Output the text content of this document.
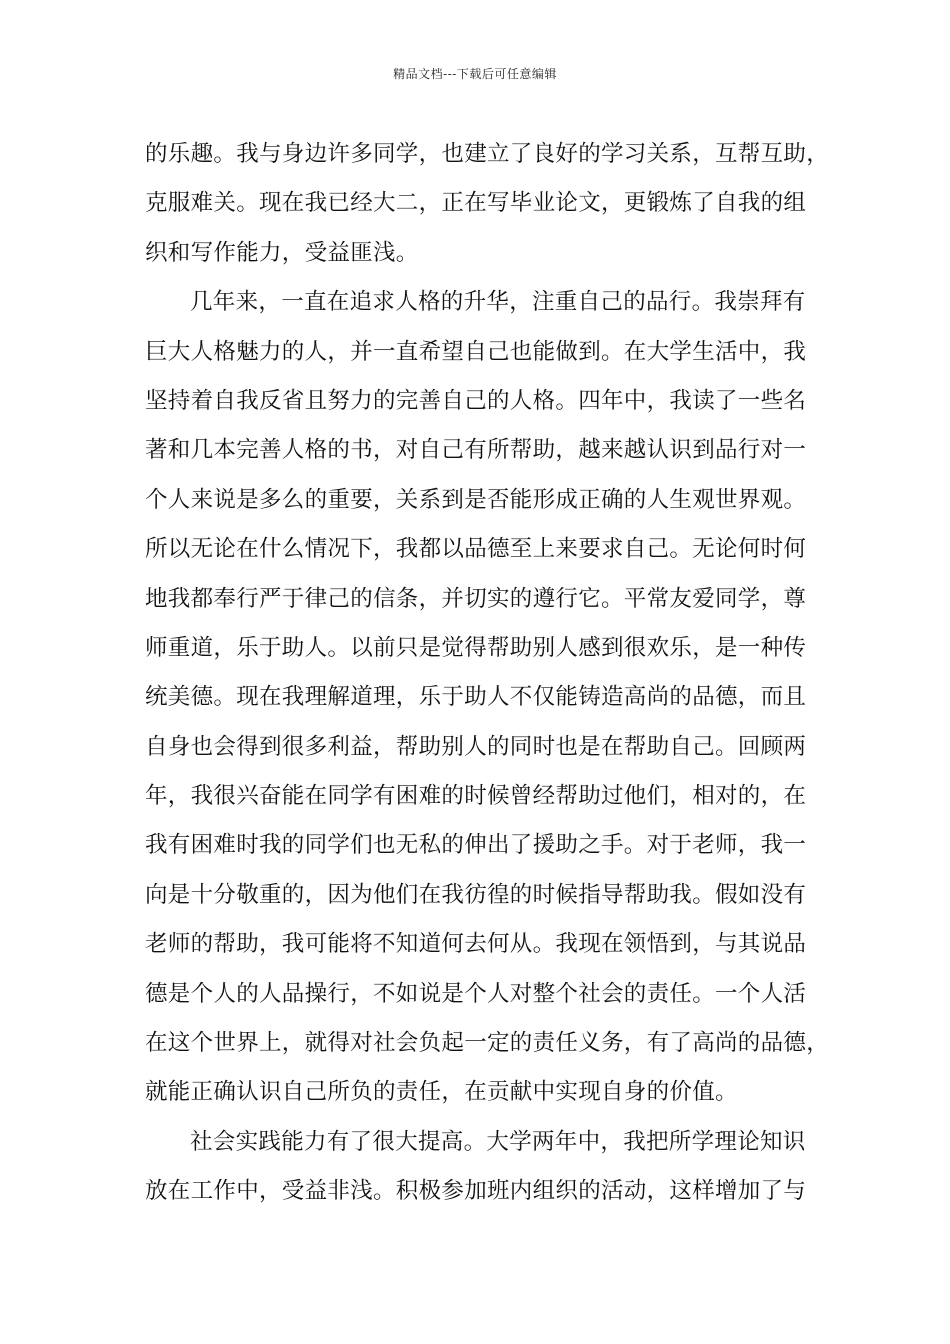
精品文档---下载后可任意编辑
的乐趣。我与身边许多同学，也建立了良好的学习关系，互帮互助，
克服难关。现在我已经大二，正在写毕业论文，更锻炼了自我的组
织和写作能力，受益匪浅。
几年来，一直在追求人格的升华，注重自己的品行。我崇拜有
巨大人格魅力的人，并一直希望自己也能做到。在大学生活中，我
坚持着自我反省且努力的完善自己的人格。四年中，我读了一些名
著和几本完善人格的书，对自己有所帮助，越来越认识到品行对一
个人来说是多么的重要，关系到是否能形成正确的人生观世界观。
所以无论在什么情况下，我都以品德至上来要求自己。无论何时何
地我都奉行严于律己的信条，并切实的遵行它。平常友爱同学，尊
师重道，乐于助人。以前只是觉得帮助别人感到很欢乐，是一种传
统美德。现在我理解道理，乐于助人不仅能铸造高尚的品德，而且
自身也会得到很多利益，帮助别人的同时也是在帮助自己。回顾两
年，我很兴奋能在同学有困难的时候曾经帮助过他们，相对的，在
我有困难时我的同学们也无私的伸出了援助之手。对于老师，我一
向是十分敬重的，因为他们在我彷徨的时候指导帮助我。假如没有
老师的帮助，我可能将不知道何去何从。我现在领悟到，与其说品
德是个人的人品操行，不如说是个人对整个社会的责任。一个人活
在这个世界上，就得对社会负起一定的责任义务，有了高尚的品德，
就能正确认识自己所负的责任，在贡献中实现自身的价值。
社会实践能力有了很大提高。大学两年中，我把所学理论知识
放在工作中，受益非浅。积极参加班内组织的活动，这样增加了与
